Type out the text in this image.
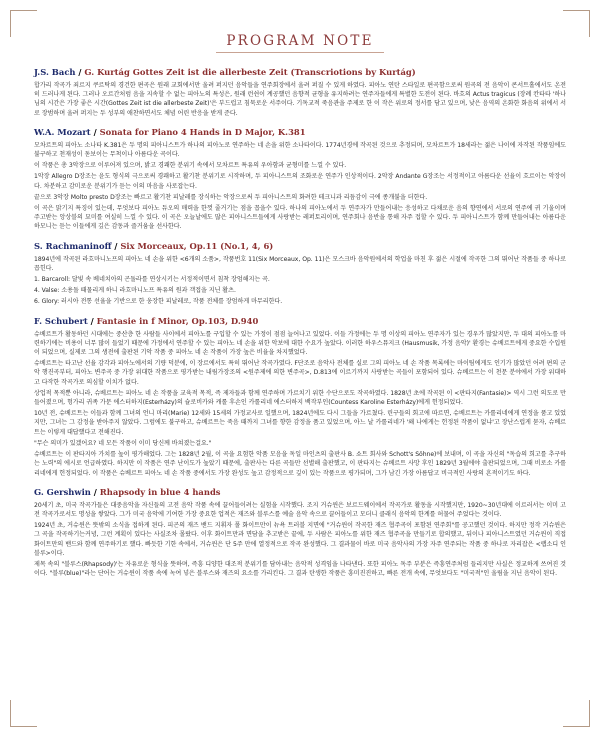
PROGRAM NOTE
J.S. Bach / G. Kurtág Gottes Zeit ist die allerbeste Zeit (Transcriotions by Kurtág)

합가리 작곡가 죄르지 쿠르탁의 경건한 편곡은 원래 교회에서만 울려 퍼지던 음악들을 연주회장에서 울려 퍼질 수 있게 하였다. 피아노 연탄 스타일로 편곡함으로써 원곡의 전 음악이 콘서트홀에서도 온전히 드러나게 된다. 그러나 오르간처럼 음을 지속할 수 없는 피아노의 특성은, 원래 런쉰이 계공했던 음향적 균형을 유지하려는 연주자들에게 특별한 도전이 된다. 바흐의 Actus tragicus (장례 칸타타 '하나님의 시간은 가장 좋은 시간(Gottes Zeit ist die allerbeste Zeit)'은 부드럽고 침묵로운 서주이다. 기독교적 죽음관을 주제로 한 이 작은 위로의 정서를 담고 있으며, 낮은 음역의 온화한 화음의 위에서 서로 장범하며 울려 퍼지는 두 성부의 애찬하면서도 체념 어린 반응을 받게 준다.

W.A. Mozart / Sonata for Piano 4 Hands in D Major, K.381

모차르트의 피아노 소나타 K.381은 두 명의 피아니스트가 하나의 피아노로 연주하는 네 손을 위한 소나타이다. 1774년경에 작곡된 것으로 추정되며, 모차르트가 18세라는 젊은 나이에 자작된 작품임에도 불구하고 천재성이 돋보이는 무척이나 아름다운 곡이다.

이 작품은 총 3악장으로 이루어져 있으며, 밝고 경쾌한 분위기 속에서 모차르트 특유의 우아함과 균형미를 느낄 수 있다.

1악장 Allegro D장조는 윤도 형식의 극으로써 경쾌하고 활기찬 분위기로 시작하며, 두 피아니스트의 조화로운 연주가 인상적이다. 2악장 Andante G장조는 서정적이고 아름다운 선율이 흐르이는 악장이다. 차분하고 감미로운 분위기가 듣는 이의 마음을 사로잡는다.

끝으로 3악장 Molto presto D장조는 빠르고 활기찬 피날레를 장식하는 악장으로써 두 피아니스트의 화려한 테크니과 리듬감이 극에 종개불을 더한다.

이 곡은 맑기지 특징이 있는데, 무엇보다 피아노 듀오의 매력을 한껏 줄거기는 점을 꼽을수 있다. 하나의 피아노에서 두 연주자가 만들어내는 응성하고 다채로운 음의 향연에서 서로의 연주에 귀 기울이며 주고받는 앙상블의 묘미를 여실히 느낄 수 있다. 이 곡은 오늘날에도 많은 피아니스트들에게 사랑받는 레퍼토리이며, 연주회나 음반을 통해 자주 접할 수 있다. 두 피아니스트가 함께 만들어내는 아름다운 하모니는 듣는 이들에게 깊은 감동과 즐거움을 선사한다.

S. Rachmaninoff / Six Morceaux, Op.11 (No.1, 4, 6)

1894년에 작곡된 라흐마니노프의 피아노 네 손을 위한 <6개의 소품>, 작품번호 11(Six Morceaux, Op. 11)은 모스크바 음악원에서의 학업을 마친 후 젊은 시절에 작곡한 그의 뛰어난 작품들 중 하나로 꼽힌다.

1. Barcaroll: 달빛 속 베네치아의 곤돌라를 연상시키는 서정적이면서 침착 장엄해지는 곡.

4. Valse: 소용돌 때물리게 하니 라흐마니노프 특유의 원과 객접을 지닌 활츠.

6. Glory: 러시아 전통 선율을 기반으로 한 웅장한 피날레로, 작품 전체를 장엄하게 마무리한다.

F. Schubert / Fantasie in f Minor, Op.103, D.940

슈베르트가 활동하던 시대에는 중산층 한 사람들 사이에서 피아노를 구입할 수 있는 가정이 점점 늘어나고 있었다. 이들 가정에는 두 명 이상의 피아노 연주자가 있는 경우가 많았지만, 두 대의 피아노를 마련하기에는 비용이 너무 많이 들었기 때문에 가정에서 연주할 수 있는 피아노 네 손을 위한 악보에 대한 수요가 높았다. 이러한 하우스뮤지크 (Hausmusik, 가정 음악)' 환경는 슈베르트에게 중요한 수입원이 되었으며, 실제로 그의 생전에 출판된 기악 작품 중 피아노 네 손 작품이 가장 높은 비율을 차지했었다.

슈베르트는 타고난 선율 감각과 피아노에서의 기량 덕분에, 이 장르에서도 특히 뛰어난 작곡가였다. F단조로 음악사 전체를 실로 그의 피아노 네 손 작품 목록에는 마이팀에게도 인기가 많았던 어려 편의 군악 행진곡부터, 피아노 변주곡 중 가장 위대한 작품으로 평가받는 내림가장조의 <원주제에 의한 변주곡>, D.813에 이르기까지 사랑받는 곡들이 포함되어 있다. 슈베르트는 이 천문 분야에서 가장 위대하고 다작한 작곡가로 의심할 이치가 없다.

상업적 목적뿐 아니라, 슈베르트는 피아노 네 손 작품을 교육적 목적, 즉 제자들과 함께 연주하며 가르치기 위한 수단으로도 작곡하였다. 1828년 초에 작곡된 이 <판타지(Fantasie)> 역시 그런 의도로 만들어졌으며, 헝가리 귀족 가문 에스터하지(Esterházy)의 슐로비카와 캐롤 후손인 카롤리네 에스터하지 백작부인(Countess Karoline Esterházy)에게 헌정되었다.

10년 전, 슈베르트는 이들과 함께 그녀의 언니 마리(Marie) 12세와 15세의 가정교사로 일했으며, 1824년에도 다시 그들을 가르쳤다. 린구들의 회고에 따르면, 슈베르트는 카롤리네에게 연정을 품고 있었지만, 그녀는 그 감정을 받아주지 않았다. 그럼에도 불구하고, 슈베르트는 죽음 때까지 그녀를 향한 감정을 품고 있었으며, 아느 날 카롤리네가 '왜 나에게는 헌정된 작품이 없냐'고 장난스럽게 묻자, 슈베르트는 이렇게 대답했다고 전해진다.

"무슨 의미가 있겠어요? 네 모든 작품이 이미 당신께 바쳐졌는걸요."

슈베르트는 이 판타지아 가치를 높이 평가해었다. 그는 1828년 2월, 이 곡을 요험한 악품 모음을 독일 마인츠의 출판사 B. 쇼트 회사와 Schott's Söhne)에 보내며, 이 곡을 자신의 "독습의 희고를 추구하는 노력"의 에시로 언급하였다. 하지만 이 작품은 연주 난이도가 높았기 때문에, 출판사는 다른 곡들만 선별해 출판했고, 이 판타지는 슈베르트 사망 후인 1829년 3월에야 출판되었으며, 그때 비로소 카롤리네에게 헌정되었다. 이 작품은 슈베르트 피아노 네 손 작품 중에서도 가장 완성도 높고 감정적으로 깊이 있는 작품으로 평가되며, 그가 남긴 가장 아름답고 비극적인 사랑의 흔적이기도 하다.

G. Gershwin / Rhapsody in blue 4 hands

20세기 초, 미국 작곡가들은 대중음악을 자신들의 고전 음악 작품 속에 끌어들이려는 실험을 시작했다. 조지 거슈윈은 보르드웨이에서 작곡가로 활동을 시작했지만, 1920~30년대에 이르러서는 이미 고전 작곡가로서도 명성을 쌓았다. 그가 미국 음악에 기여한 가장 중요한 업적은 재즈와 블루스를 예술 음악 속으로 끌어들이고 모더니 클래식 음악의 한계를 허물어 주었다는 것이다.

1924년 초, 거슈윈은 뜻밖의 소식을 접하게 된다. 피곤의 재즈 밴드 지휘자 폴 화이트만이 뉴욕 트러블 지면에 "거슈윈이 작곡한 재즈 협주곡이 포함된 연주회"를 공고했던 것이다. 하지만 정작 거슈윈은 그 곡을 작곡하기는커녕, 그런 계획이 있다는 사실조차 몰랐다. 이후 화이트만과 면담을 추고받은 끝에, 두 사람은 피아노를 위한 재즈 협주곡을 만들기로 합의했고, 뒤이나 피아니스트였던 거슈윈이 직접 화이트만의 밴드와 함께 연주하기로 했다. 빠듯한 기한 속에서, 거슈윈은 단 5주 만에 열정적으로 작곡 완성했다. 그 결과물이 바로 미국 음악사의 가장 자주 연주되는 작품 중 하나로 자리잡은 <랩소디 인 블루>이다.

제목 속의 "블루스(Rhapsody)'는 자유로운 형식을 뜻하며, 즉흥 디양한 대조적 분위기를 담아내는 음악적 성격임을 나타낸다. 또한 피아노 독주 부분은 즉흥연주처럼 들리지만 사실은 정교하게 쓰여진 것이다. "블루(blue)"라는 단어는 거슈윈이 작품 속에 녹여 넣은 블루스와 재즈의 요소를 가리킨다. 그 결과 탄생한 작품은 흥미진진하고, 빠른 전개 속에, 무엇보다도 "미국적"인 울림을 지닌 음악이 된다.
